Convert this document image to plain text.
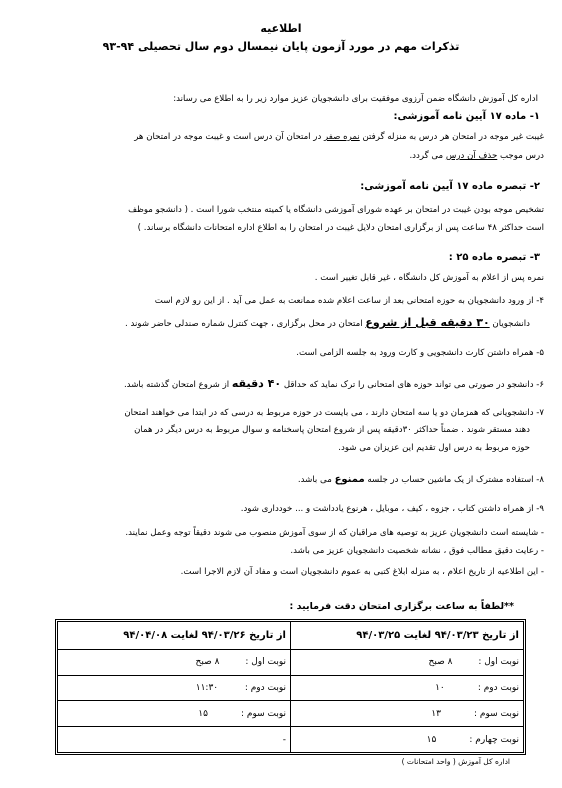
اطلاعیه
تذکرات مهم در مورد آزمون پایان نیمسال دوم سال تحصیلی ۹۴-۹۳
اداره کل آموزش دانشگاه ضمن آرزوی موفقیت برای دانشجویان عزیز موارد زیر را به اطلاع می رساند:
۱- ماده ۱۷ آیین نامه آموزشی:
غیبت غیر موجه در امتحان هر درس به منزله گرفتن نمره صفر در امتحان آن درس است و غیبت موجه در امتحان هر
درس موجب حذف آن درس می گردد.
۲- تبصره ماده ۱۷ آیین نامه آموزشی:
تشخیص موجه بودن غیبت در امتحان بر عهده شورای آموزشی دانشگاه یا کمیته منتخب شورا است . ( دانشجو موظف
است حداکثر ۴۸ ساعت پس از برگزاری امتحان دلایل غیبت در امتحان را به اطلاع اداره امتحانات دانشگاه برساند. )
۳- تبصره ماده ۲۵ :
نمره پس از اعلام به آموزش کل دانشگاه ، غیر قابل تغییر است .
۴- از ورود دانشجویان به حوزه امتحانی بعد از ساعت اعلام شده ممانعت به عمل می آید . از این رو لازم است
دانشجویان ۳۰ دقیقه قبل از شروع امتحان در محل برگزاری ، جهت کنترل شماره صندلی حاضر شوند .
۵- همراه داشتن کارت دانشجویی و کارت ورود به جلسه الزامی است.
۶- دانشجو در صورتی می تواند حوزه های امتحانی را ترک نماید که حداقل ۴۰ دقیقه از شروع امتحان گذشته باشد.
۷- دانشجویانی که همزمان دو یا سه امتحان دارند ، می بایست در حوزه مربوط به درسی که در ابتدا می خواهند امتحان
دهند مستقر شوند . ضمناً حداکثر ۳۰دقیقه پس از شروع امتحان پاسخنامه و سوال مربوط به درس دیگر در همان
حوزه مربوط به درس اول تقدیم این عزیزان می شود.
۸- استفاده مشترک از یک ماشین حساب در جلسه ممنوع می باشد.
۹- از همراه داشتن کتاب ، جزوه ، کیف ، موبایل ، هرنوع یادداشت و ... خودداری شود.
- شایسته است دانشجویان عزیز به توصیه های مراقبان که از سوی آموزش منصوب می شوند دقیقاً توجه وعمل نمایند.
- رعایت دقیق مطالب فوق ، نشانه شخصیت دانشجویان عزیز می باشد.
- این اطلاعیه از تاریخ اعلام ، به منزله ابلاغ کتبی به عموم دانشجویان است و مفاد آن لازم الاجرا است.
**لطفاً به ساعت برگزاری امتحان دقت فرمایید :
از تاریخ ۹۴/۰۳/۲۳ لغایت ۹۴/۰۳/۲۵	از تاریخ ۹۴/۰۳/۲۶ لغایت ۹۴/۰۴/۰۸
نوبت اول : ۸ صبح	نوبت اول : ۸ صبح
نوبت دوم : ۱۰	نوبت دوم : ۱۱:۳۰
نوبت سوم : ۱۳	نوبت سوم : ۱۵
نوبت چهارم : ۱۵	-
اداره کل آموزش ( واحد امتحانات )
